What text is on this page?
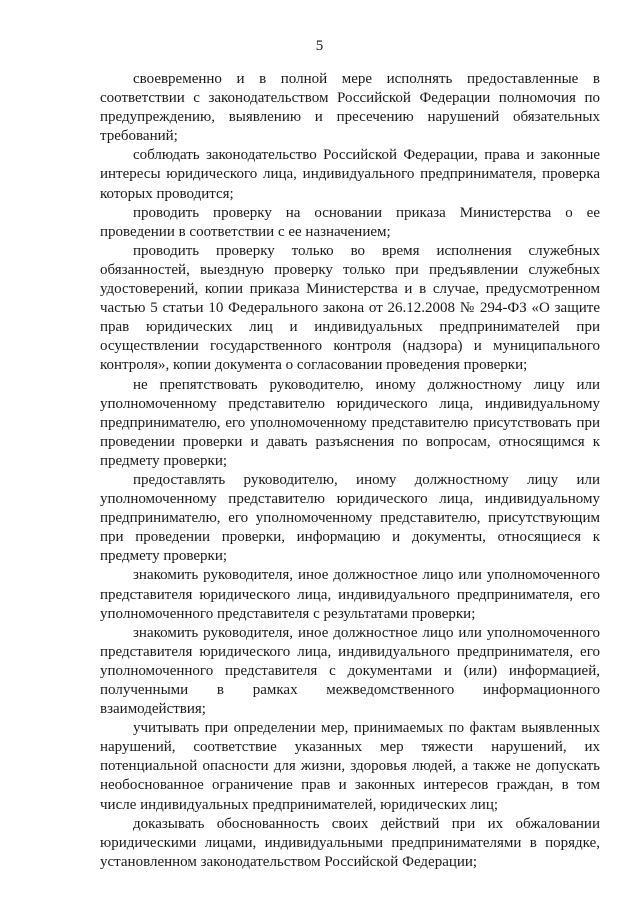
5

своевременно и в полной мере исполнять предоставленные в соответствии с законодательством Российской Федерации полномочия по предупреждению, выявлению и пресечению нарушений обязательных требований;

соблюдать законодательство Российской Федерации, права и законные интересы юридического лица, индивидуального предпринимателя, проверка которых проводится;

проводить проверку на основании приказа Министерства о ее проведении в соответствии с ее назначением;

проводить проверку только во время исполнения служебных обязанностей, выездную проверку только при предъявлении служебных удостоверений, копии приказа Министерства и в случае, предусмотренном частью 5 статьи 10 Федерального закона от 26.12.2008 № 294-ФЗ «О защите прав юридических лиц и индивидуальных предпринимателей при осуществлении государственного контроля (надзора) и муниципального контроля», копии документа о согласовании проведения проверки;

не препятствовать руководителю, иному должностному лицу или уполномоченному представителю юридического лица, индивидуальному предпринимателю, его уполномоченному представителю присутствовать при проведении проверки и давать разъяснения по вопросам, относящимся к предмету проверки;

предоставлять руководителю, иному должностному лицу или уполномоченному представителю юридического лица, индивидуальному предпринимателю, его уполномоченному представителю, присутствующим при проведении проверки, информацию и документы, относящиеся к предмету проверки;

знакомить руководителя, иное должностное лицо или уполномоченного представителя юридического лица, индивидуального предпринимателя, его уполномоченного представителя с результатами проверки;

знакомить руководителя, иное должностное лицо или уполномоченного представителя юридического лица, индивидуального предпринимателя, его уполномоченного представителя с документами и (или) информацией, полученными в рамках межведомственного информационного взаимодействия;

учитывать при определении мер, принимаемых по фактам выявленных нарушений, соответствие указанных мер тяжести нарушений, их потенциальной опасности для жизни, здоровья людей, а также не допускать необоснованное ограничение прав и законных интересов граждан, в том числе индивидуальных предпринимателей, юридических лиц;

доказывать обоснованность своих действий при их обжаловании юридическими лицами, индивидуальными предпринимателями в порядке, установленном законодательством Российской Федерации;
